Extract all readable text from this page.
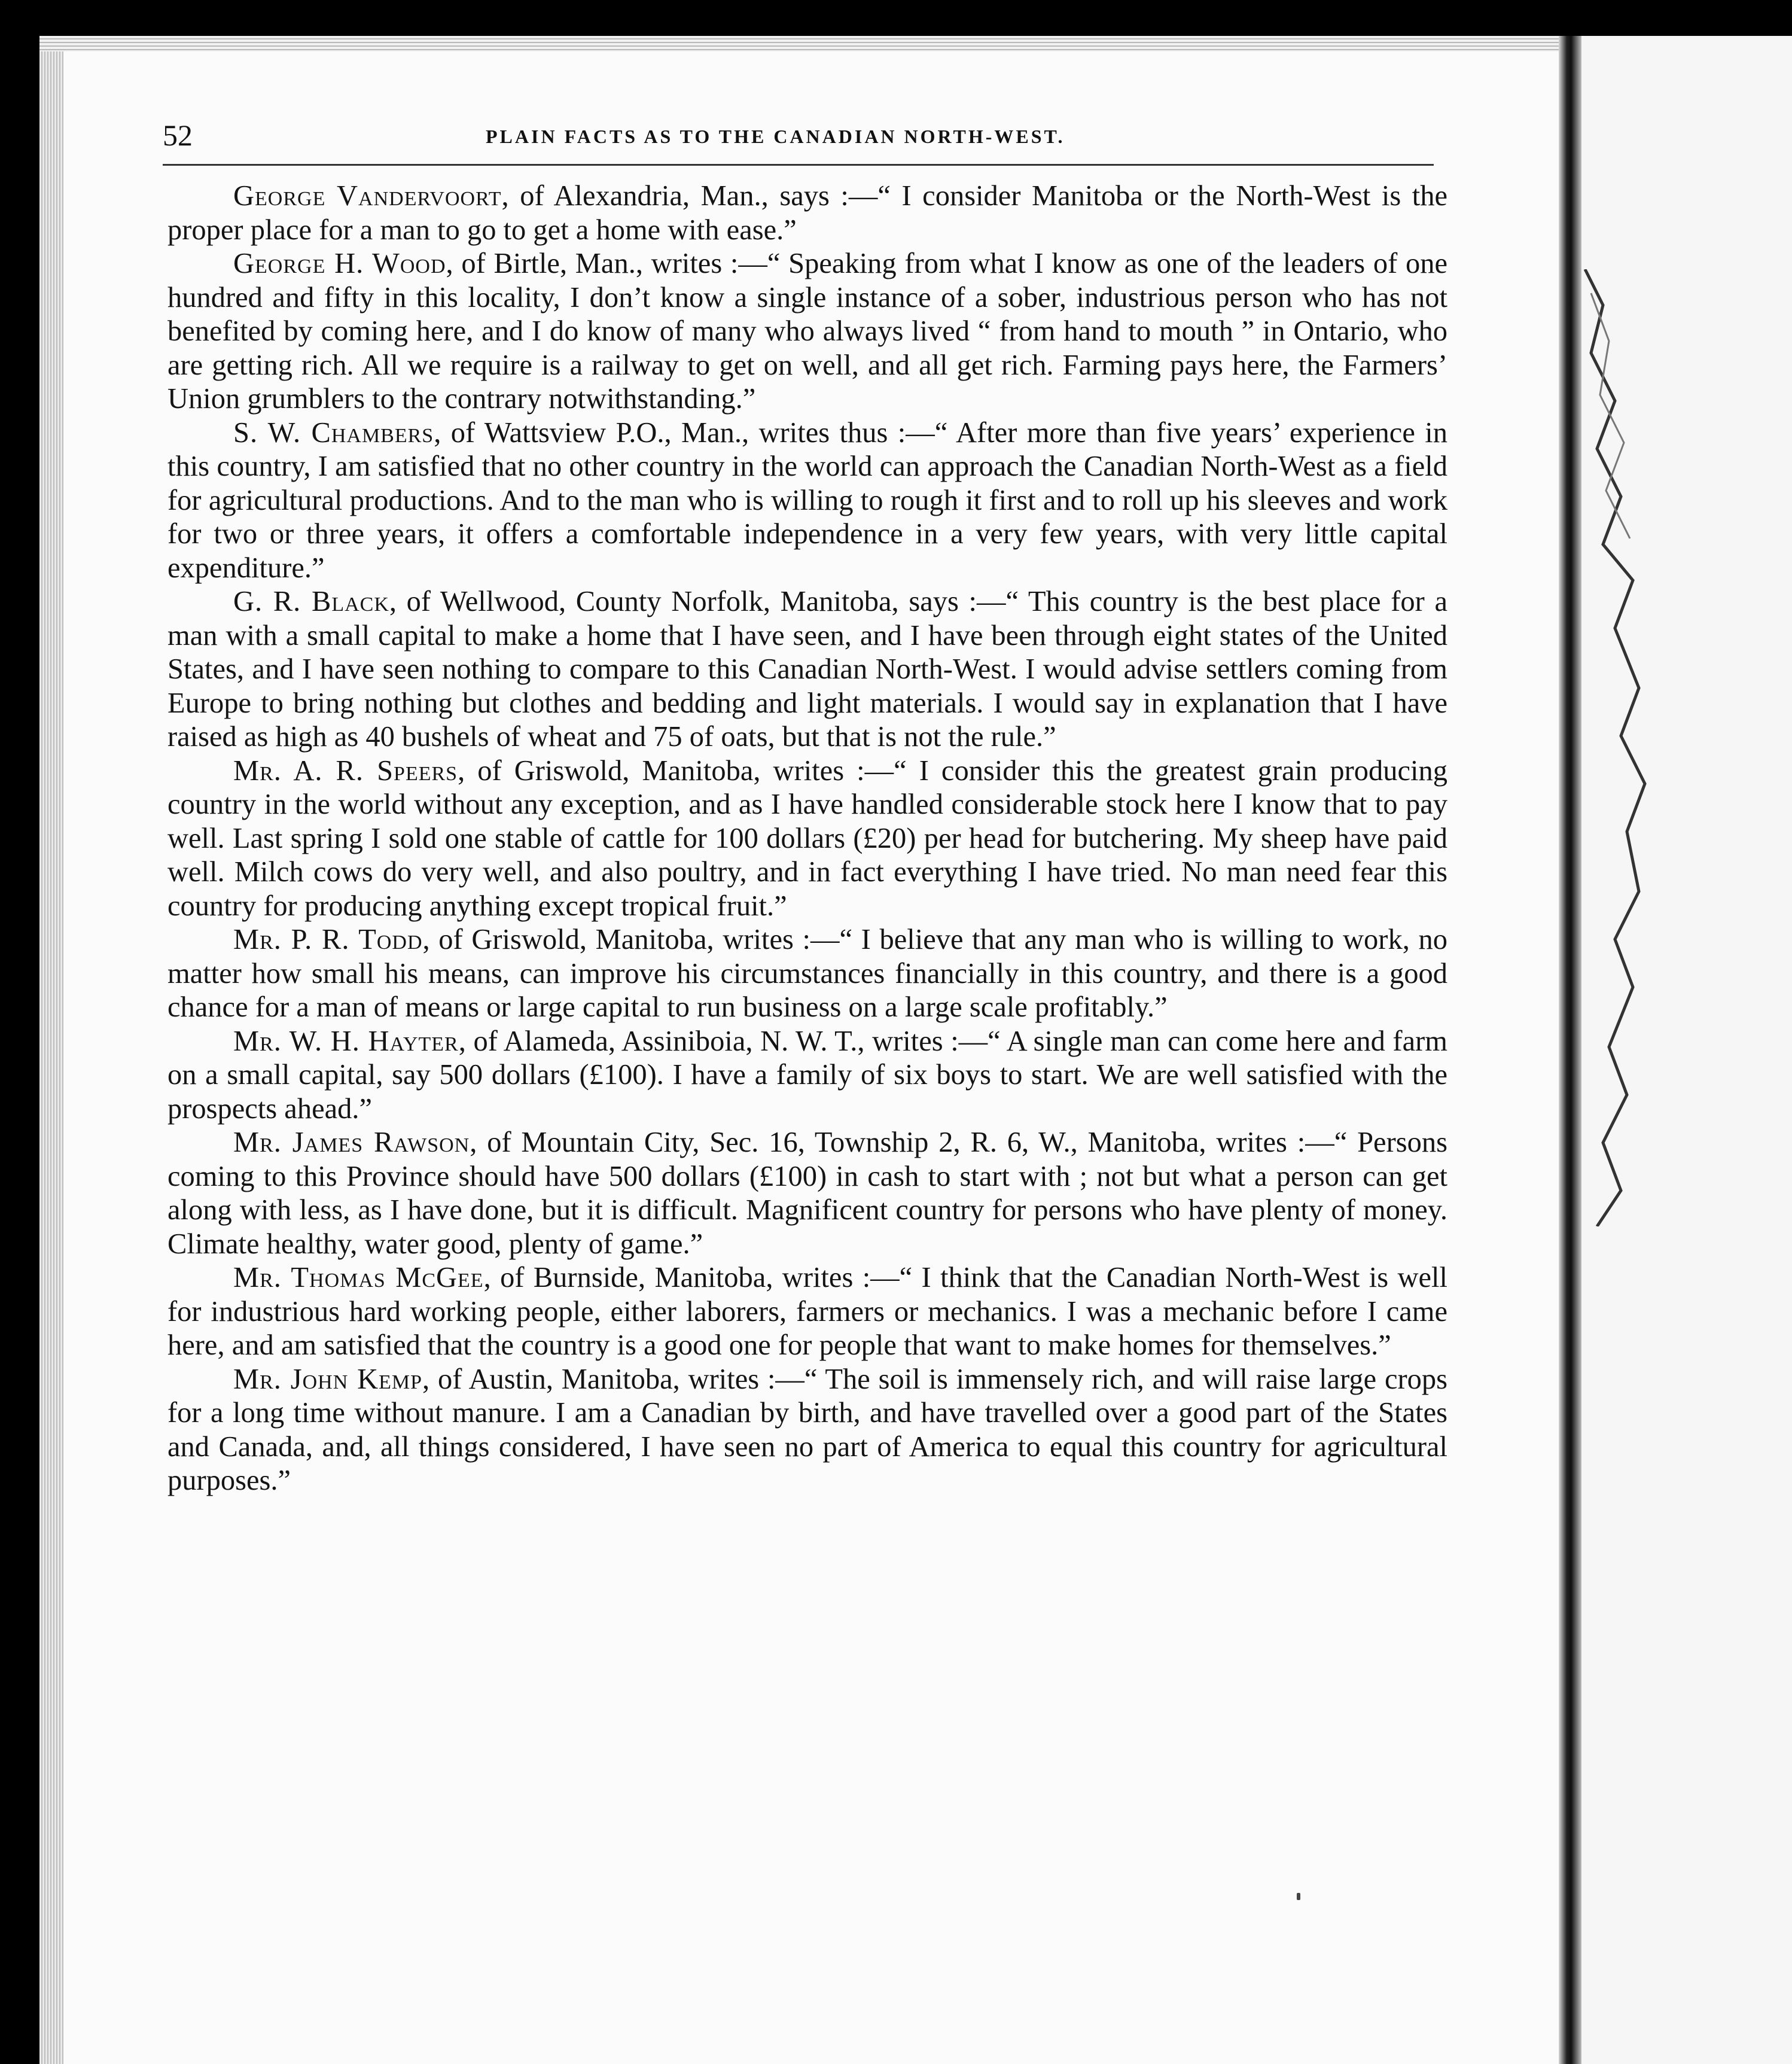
52	PLAIN FACTS AS TO THE CANADIAN NORTH-WEST.

George Vandervoort, of Alexandria, Man., says :—“ I consider Manitoba or the North-West is the proper place for a man to go to get a home with ease.”

George H. Wood, of Birtle, Man., writes :—“ Speaking from what I know as one of the leaders of one hundred and fifty in this locality, I don’t know a single instance of a sober, industrious person who has not benefited by coming here, and I do know of many who always lived “ from hand to mouth ” in Ontario, who are getting rich. All we require is a railway to get on well, and all get rich. Farming pays here, the Farmers’ Union grumblers to the contrary notwithstanding.”

S. W. Chambers, of Wattsview P.O., Man., writes thus :—“ After more than five years’ experience in this country, I am satisfied that no other country in the world can approach the Canadian North-West as a field for agricultural productions. And to the man who is willing to rough it first and to roll up his sleeves and work for two or three years, it offers a comfortable independence in a very few years, with very little capital expenditure.”

G. R. Black, of Wellwood, County Norfolk, Manitoba, says :—“ This country is the best place for a man with a small capital to make a home that I have seen, and I have been through eight states of the United States, and I have seen nothing to compare to this Canadian North-West. I would advise settlers coming from Europe to bring nothing but clothes and bedding and light materials. I would say in explanation that I have raised as high as 40 bushels of wheat and 75 of oats, but that is not the rule.”

Mr. A. R. Speers, of Griswold, Manitoba, writes :—“ I consider this the greatest grain producing country in the world without any exception, and as I have handled considerable stock here I know that to pay well. Last spring I sold one stable of cattle for 100 dollars (£20) per head for butchering. My sheep have paid well. Milch cows do very well, and also poultry, and in fact everything I have tried. No man need fear this country for producing anything except tropical fruit.”

Mr. P. R. Todd, of Griswold, Manitoba, writes :—“ I believe that any man who is willing to work, no matter how small his means, can improve his circumstances financially in this country, and there is a good chance for a man of means or large capital to run business on a large scale profitably.”

Mr. W. H. Hayter, of Alameda, Assiniboia, N. W. T., writes :—“ A single man can come here and farm on a small capital, say 500 dollars (£100). I have a family of six boys to start. We are well satisfied with the prospects ahead.”

Mr. James Rawson, of Mountain City, Sec. 16, Township 2, R. 6, W., Manitoba, writes :—“ Persons coming to this Province should have 500 dollars (£100) in cash to start with ; not but what a person can get along with less, as I have done, but it is difficult. Magnificent country for persons who have plenty of money. Climate healthy, water good, plenty of game.”

Mr. Thomas McGee, of Burnside, Manitoba, writes :—“ I think that the Canadian North-West is well for industrious hard working people, either laborers, farmers or mechanics. I was a mechanic before I came here, and am satisfied that the country is a good one for people that want to make homes for themselves.”

Mr. John Kemp, of Austin, Manitoba, writes :—“ The soil is immensely rich, and will raise large crops for a long time without manure. I am a Canadian by birth, and have travelled over a good part of the States and Canada, and, all things considered, I have seen no part of America to equal this country for agricultural purposes.”
